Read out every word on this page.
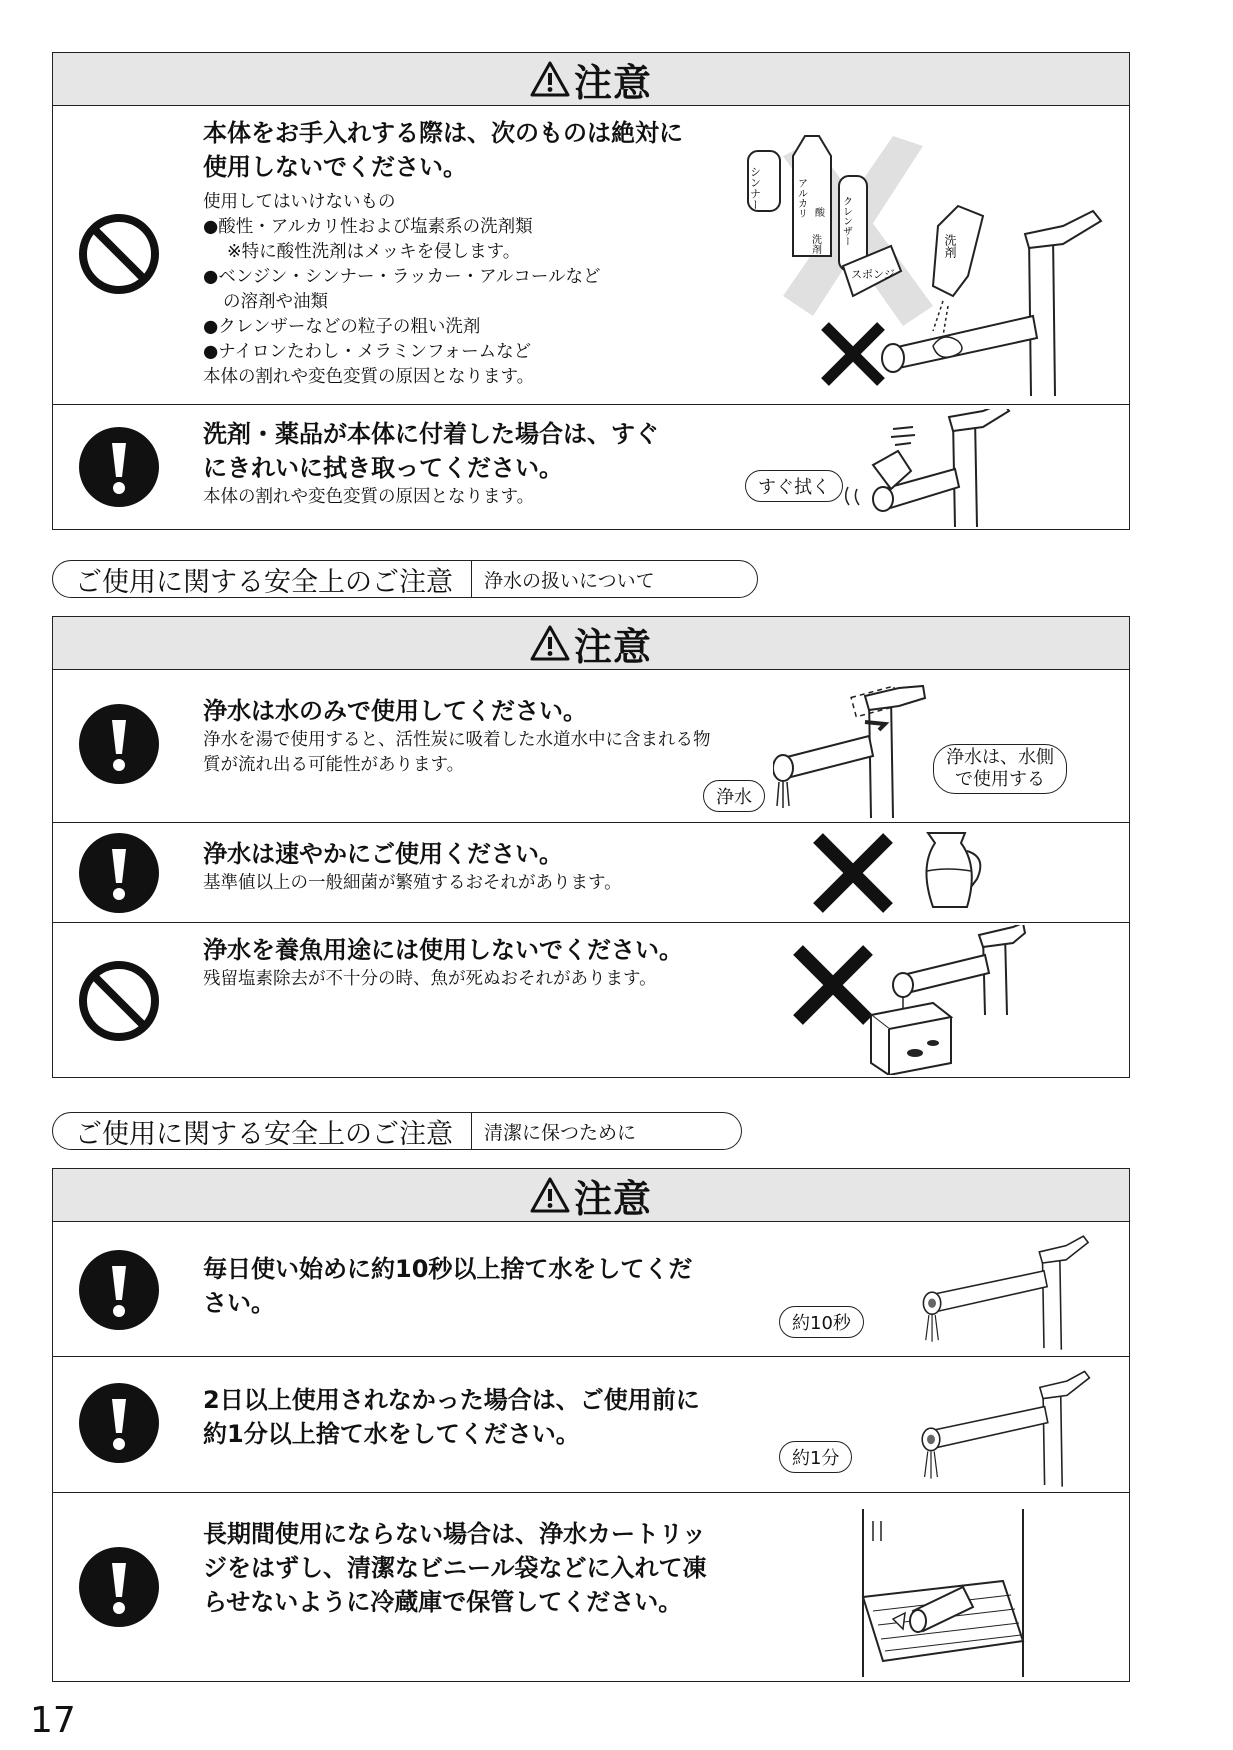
注意
本体をお手入れする際は、次のものは絶対に使用しないでください。
使用してはいけないもの
●酸性・アルカリ性および塩素系の洗剤類
※特に酸性洗剤はメッキを侵します。
●ベンジン・シンナー・ラッカー・アルコールなど
の溶剤や油類
●クレンザーなどの粒子の粗い洗剤
●ナイロンたわし・メラミンフォームなど
本体の割れや変色変質の原因となります。
シンナー	アルカリ 酸
洗剤 クレンザー
スポンジ
洗剤
洗剤・薬品が本体に付着した場合は、すぐにきれいに拭き取ってください。
本体の割れや変色変質の原因となります。	すぐ拭く
ご使用に関する安全上のご注意	浄水の扱いについて
注意
浄水は水のみで使用してください。
浄水を湯で使用すると、活性炭に吸着した水道水中に含まれる物質が流れ出る可能性があります。
浄水
浄水は、水側
で使用する
浄水は速やかにご使用ください。
基準値以上の一般細菌が繁殖するおそれがあります。
浄水を養魚用途には使用しないでください。
残留塩素除去が不十分の時、魚が死ぬおそれがあります。
ご使用に関する安全上のご注意	清潔に保つために
注意
毎日使い始めに約10秒以上捨て水をしてください。
約10秒
2日以上使用されなかった場合は、ご使用前に約1分以上捨て水をしてください。
約1分
長期間使用にならない場合は、浄水カートリッジをはずし、清潔なビニール袋などに入れて凍らせないように冷蔵庫で保管してください。
17
